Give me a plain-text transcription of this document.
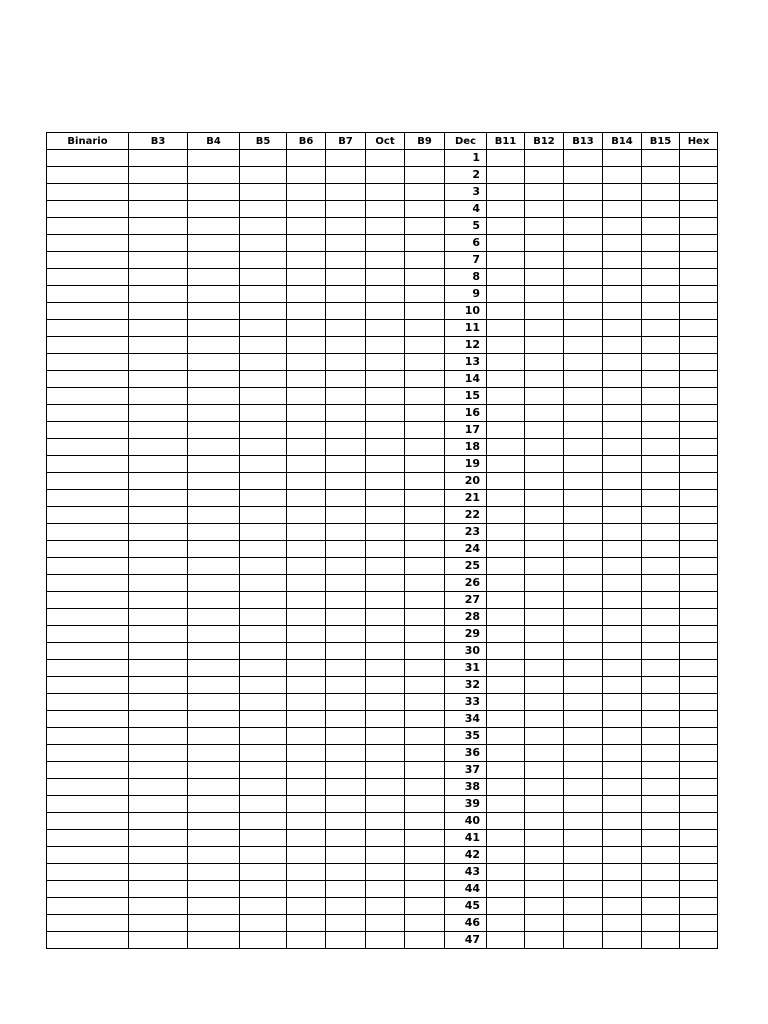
Binario	B3	B4	B5	B6	B7	Oct	B9	Dec	B11	B12	B13	B14	B15	Hex
								1						
								2						
								3						
								4						
								5						
								6						
								7						
								8						
								9						
								10						
								11						
								12						
								13						
								14						
								15						
								16						
								17						
								18						
								19						
								20						
								21						
								22						
								23						
								24						
								25						
								26						
								27						
								28						
								29						
								30						
								31						
								32						
								33						
								34						
								35						
								36						
								37						
								38						
								39						
								40						
								41						
								42						
								43						
								44						
								45						
								46						
								47						
